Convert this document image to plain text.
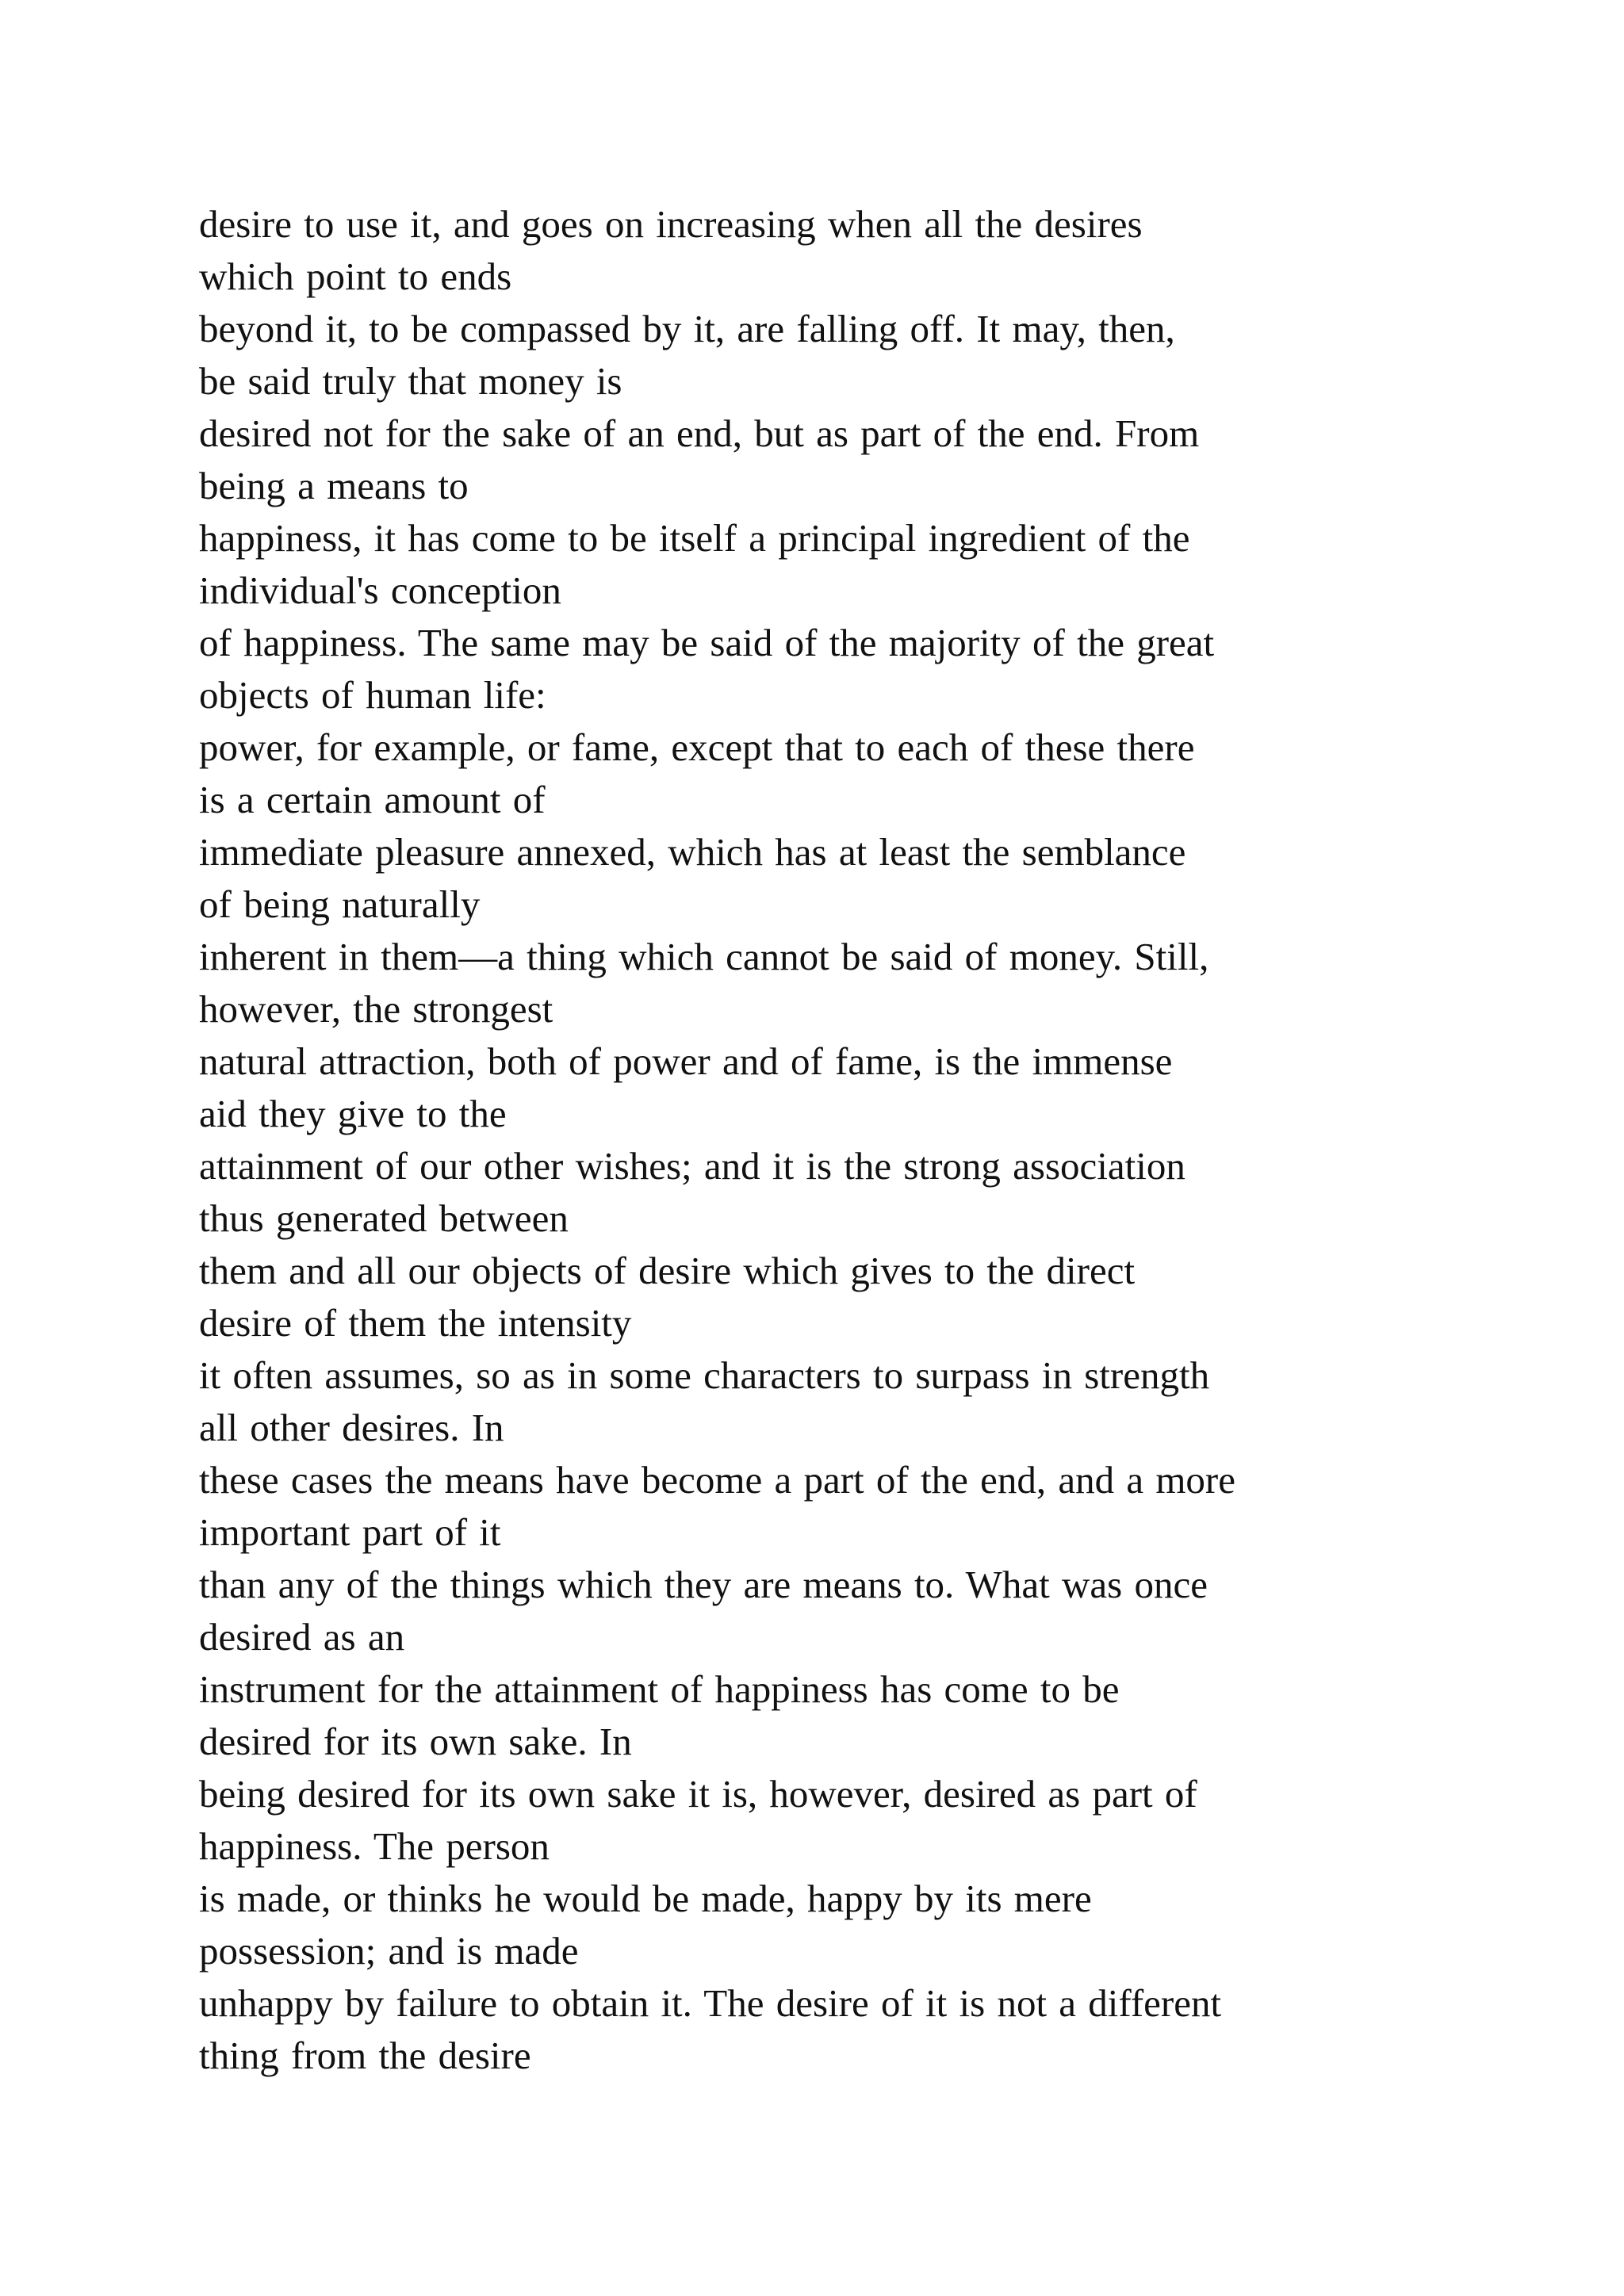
desire to use it, and goes on increasing when all the desires
which point to ends
beyond it, to be compassed by it, are falling off. It may, then,
be said truly that money is
desired not for the sake of an end, but as part of the end. From
being a means to
happiness, it has come to be itself a principal ingredient of the
individual's conception
of happiness. The same may be said of the majority of the great
objects of human life:
power, for example, or fame, except that to each of these there
is a certain amount of
immediate pleasure annexed, which has at least the semblance
of being naturally
inherent in them—a thing which cannot be said of money. Still,
however, the strongest
natural attraction, both of power and of fame, is the immense
aid they give to the
attainment of our other wishes; and it is the strong association
thus generated between
them and all our objects of desire which gives to the direct
desire of them the intensity
it often assumes, so as in some characters to surpass in strength
all other desires. In
these cases the means have become a part of the end, and a more
important part of it
than any of the things which they are means to. What was once
desired as an
instrument for the attainment of happiness has come to be
desired for its own sake. In
being desired for its own sake it is, however, desired as part of
happiness. The person
is made, or thinks he would be made, happy by its mere
possession; and is made
unhappy by failure to obtain it. The desire of it is not a different
thing from the desire
